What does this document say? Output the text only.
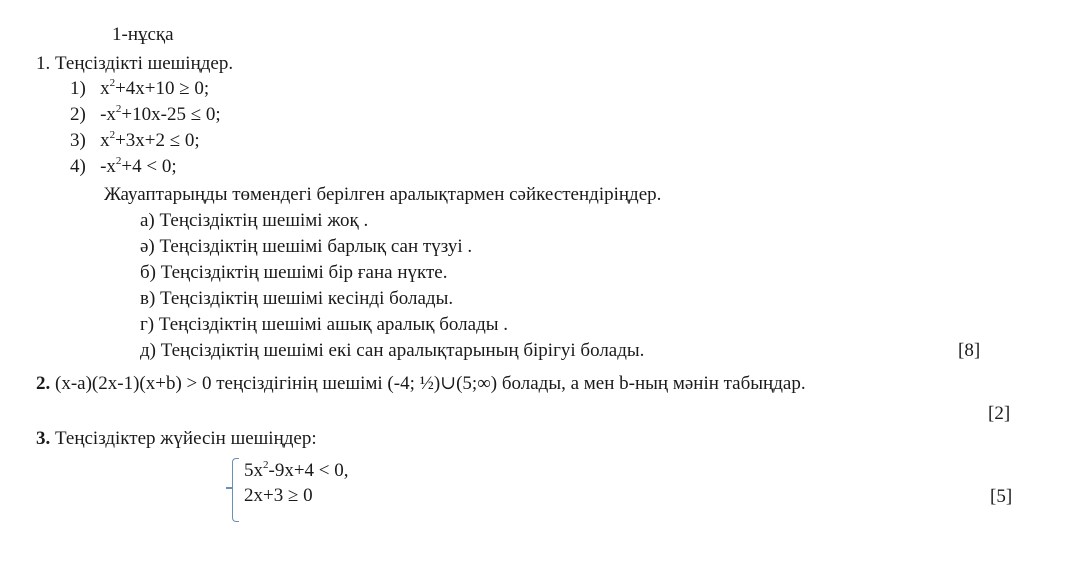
1-нұсқа
1. Теңсіздікті шешіңдер.
1) $x^2+4x+10 \ge 0$;
2) $-x^2+10x-25 \le 0$;
3) $x^2+3x+2 \le 0$;
4) $-x^2+4 < 0$;
Жауаптарыңды төмендегі берілген аралықтармен сәйкестендіріңдер.
а) Теңсіздіктің шешімі жоқ .
ә) Теңсіздіктің шешімі барлық сан түзуі .
б) Теңсіздіктің шешімі бір ғана нүкте.
в) Теңсіздіктің шешімі кесінді болады.
г) Теңсіздіктің шешімі ашық аралық болады .
д) Теңсіздіктің шешімі екі сан аралықтарының бірігуі болады.	[8]
2. (x-a)(2x-1)(x+b) > 0 теңсіздігінің шешімі (-4; ½)∪(5;∞) болады, а мен b-ның мәнін табыңдар.
[2]
3. Теңсіздіктер жүйесін шешіңдер:
$5x^2-9x+4 < 0$,
2x+3 ≥ 0	[5]
